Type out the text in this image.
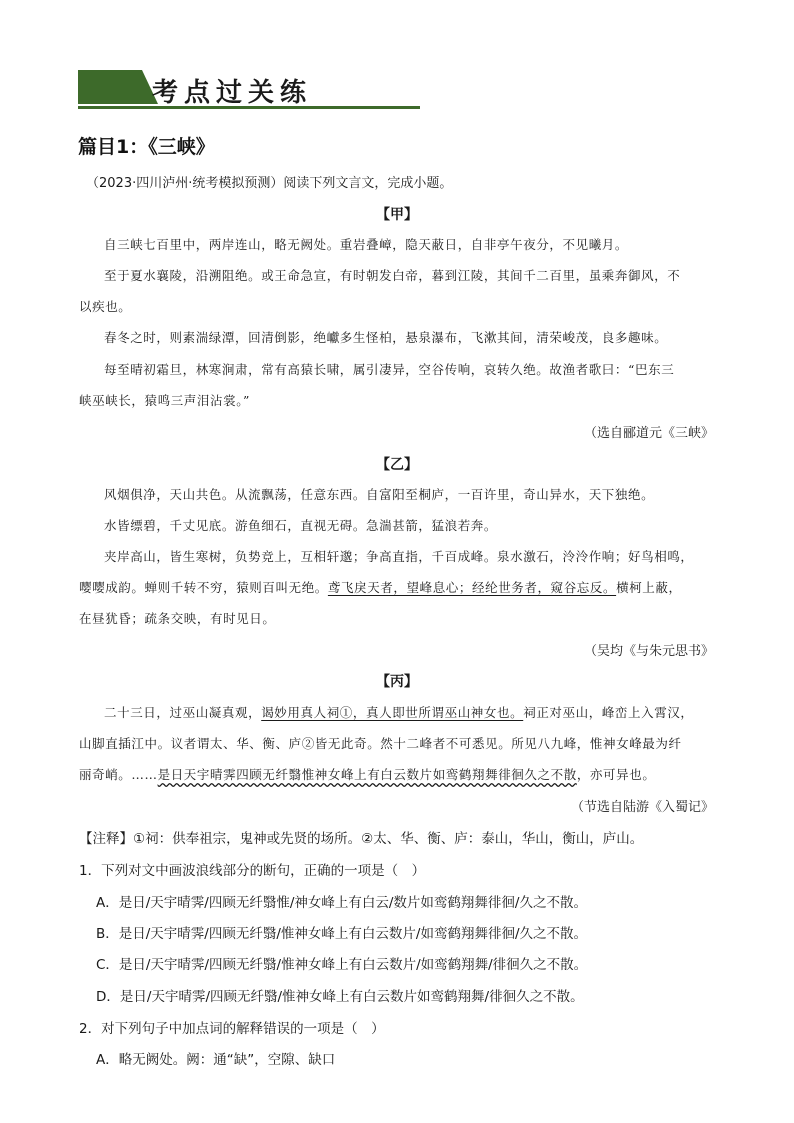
考点过关练
篇目1：《三峡》
（2023·四川泸州·统考模拟预测）阅读下列文言文，完成小题。
【甲】
自三峡七百里中，两岸连山，略无阙处。重岩叠嶂，隐天蔽日，自非亭午夜分，不见曦月。
至于夏水襄陵，沿溯阻绝。或王命急宣，有时朝发白帝，暮到江陵，其间千二百里，虽乘奔御风，不
以疾也。
春冬之时，则素湍绿潭，回清倒影，绝巘多生怪柏，悬泉瀑布，飞漱其间，清荣峻茂，良多趣味。
每至晴初霜旦，林寒涧肃，常有高猿长啸，属引凄异，空谷传响，哀转久绝。故渔者歌曰：“巴东三
峡巫峡长，猿鸣三声泪沾裳。”
（选自郦道元《三峡》
【乙】
风烟俱净，天山共色。从流飘荡，任意东西。自富阳至桐庐，一百许里，奇山异水，天下独绝。
水皆缥碧，千丈见底。游鱼细石，直视无碍。急湍甚箭，猛浪若奔。
夹岸高山，皆生寒树，负势竞上，互相轩邈；争高直指，千百成峰。泉水激石，泠泠作响；好鸟相鸣，
嘤嘤成韵。蝉则千转不穷，猿则百叫无绝。鸢飞戾天者，望峰息心；经纶世务者，窥谷忘反。横柯上蔽，
在昼犹昏；疏条交映，有时见日。
（吴均《与朱元思书》
【丙】
二十三日，过巫山凝真观，谒妙用真人祠①，真人即世所谓巫山神女也。祠正对巫山，峰峦上入霄汉，
山脚直插江中。议者谓太、华、衡、庐②皆无此奇。然十二峰者不可悉见。所见八九峰，惟神女峰最为纤
丽奇峭。……是日天宇晴霁四顾无纤翳惟神女峰上有白云数片如鸾鹤翔舞徘徊久之不散，亦可异也。
（节选自陆游《入蜀记》
【注释】①祠：供奉祖宗，鬼神或先贤的场所。②太、华、衡、庐：泰山，华山，衡山，庐山。
1．下列对文中画波浪线部分的断句，正确的一项是（　）
A．是日/天宇晴霁/四顾无纤翳惟/神女峰上有白云/数片如鸾鹤翔舞徘徊/久之不散。
B．是日/天宇晴霁/四顾无纤翳/惟神女峰上有白云数片/如鸾鹤翔舞徘徊/久之不散。
C．是日/天宇晴霁/四顾无纤翳/惟神女峰上有白云数片/如鸾鹤翔舞/徘徊久之不散。
D．是日/天宇晴霁/四顾无纤翳/惟神女峰上有白云数片如鸾鹤翔舞/徘徊久之不散。
2．对下列句子中加点词的解释错误的一项是（　）
A．略无阙处。阙：通“缺”，空隙、缺口
